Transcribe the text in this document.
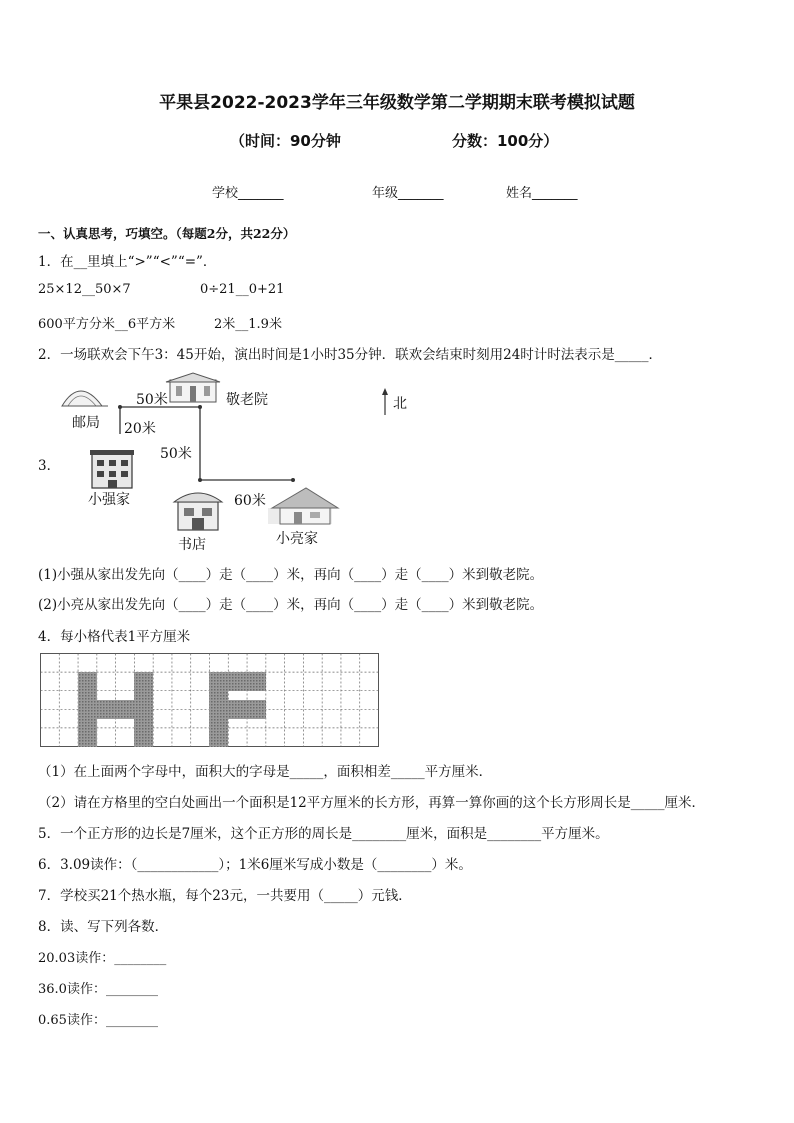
平果县2022-2023学年三年级数学第二学期期末联考模拟试题
（时间：90分钟	分数：100分）
学校_______	年级_______	姓名_______
一、认真思考，巧填空。（每题2分，共22分）
1．在__里填上“>”“<”“=”．
25×12__50×7	0÷21__0+21
600平方分米__6平方米	2米__1.9米
2．一场联欢会下午3：45开始，演出时间是1小时35分钟．联欢会结束时刻用24时计时法表示是_____．
3．
50米	敬老院	北
邮局 20米
50米
小强家	60米
小亮家
书店
(1)小强从家出发先向（____）走（____）米，再向（____）走（____）米到敬老院。
(2)小亮从家出发先向（____）走（____）米，再向（____）走（____）米到敬老院。
4．每小格代表1平方厘米
（1）在上面两个字母中，面积大的字母是_____，面积相差_____平方厘米．
（2）请在方格里的空白处画出一个面积是12平方厘米的长方形，再算一算你画的这个长方形周长是_____厘米．
5．一个正方形的边长是7厘米，这个正方形的周长是________厘米，面积是________平方厘米。
6．3.09读作：（____________）；1米6厘米写成小数是（________）米。
7．学校买21个热水瓶，每个23元，一共要用（_____）元钱．
8．读、写下列各数．
20.03读作：________
36.0读作：________
0.65读作：________
